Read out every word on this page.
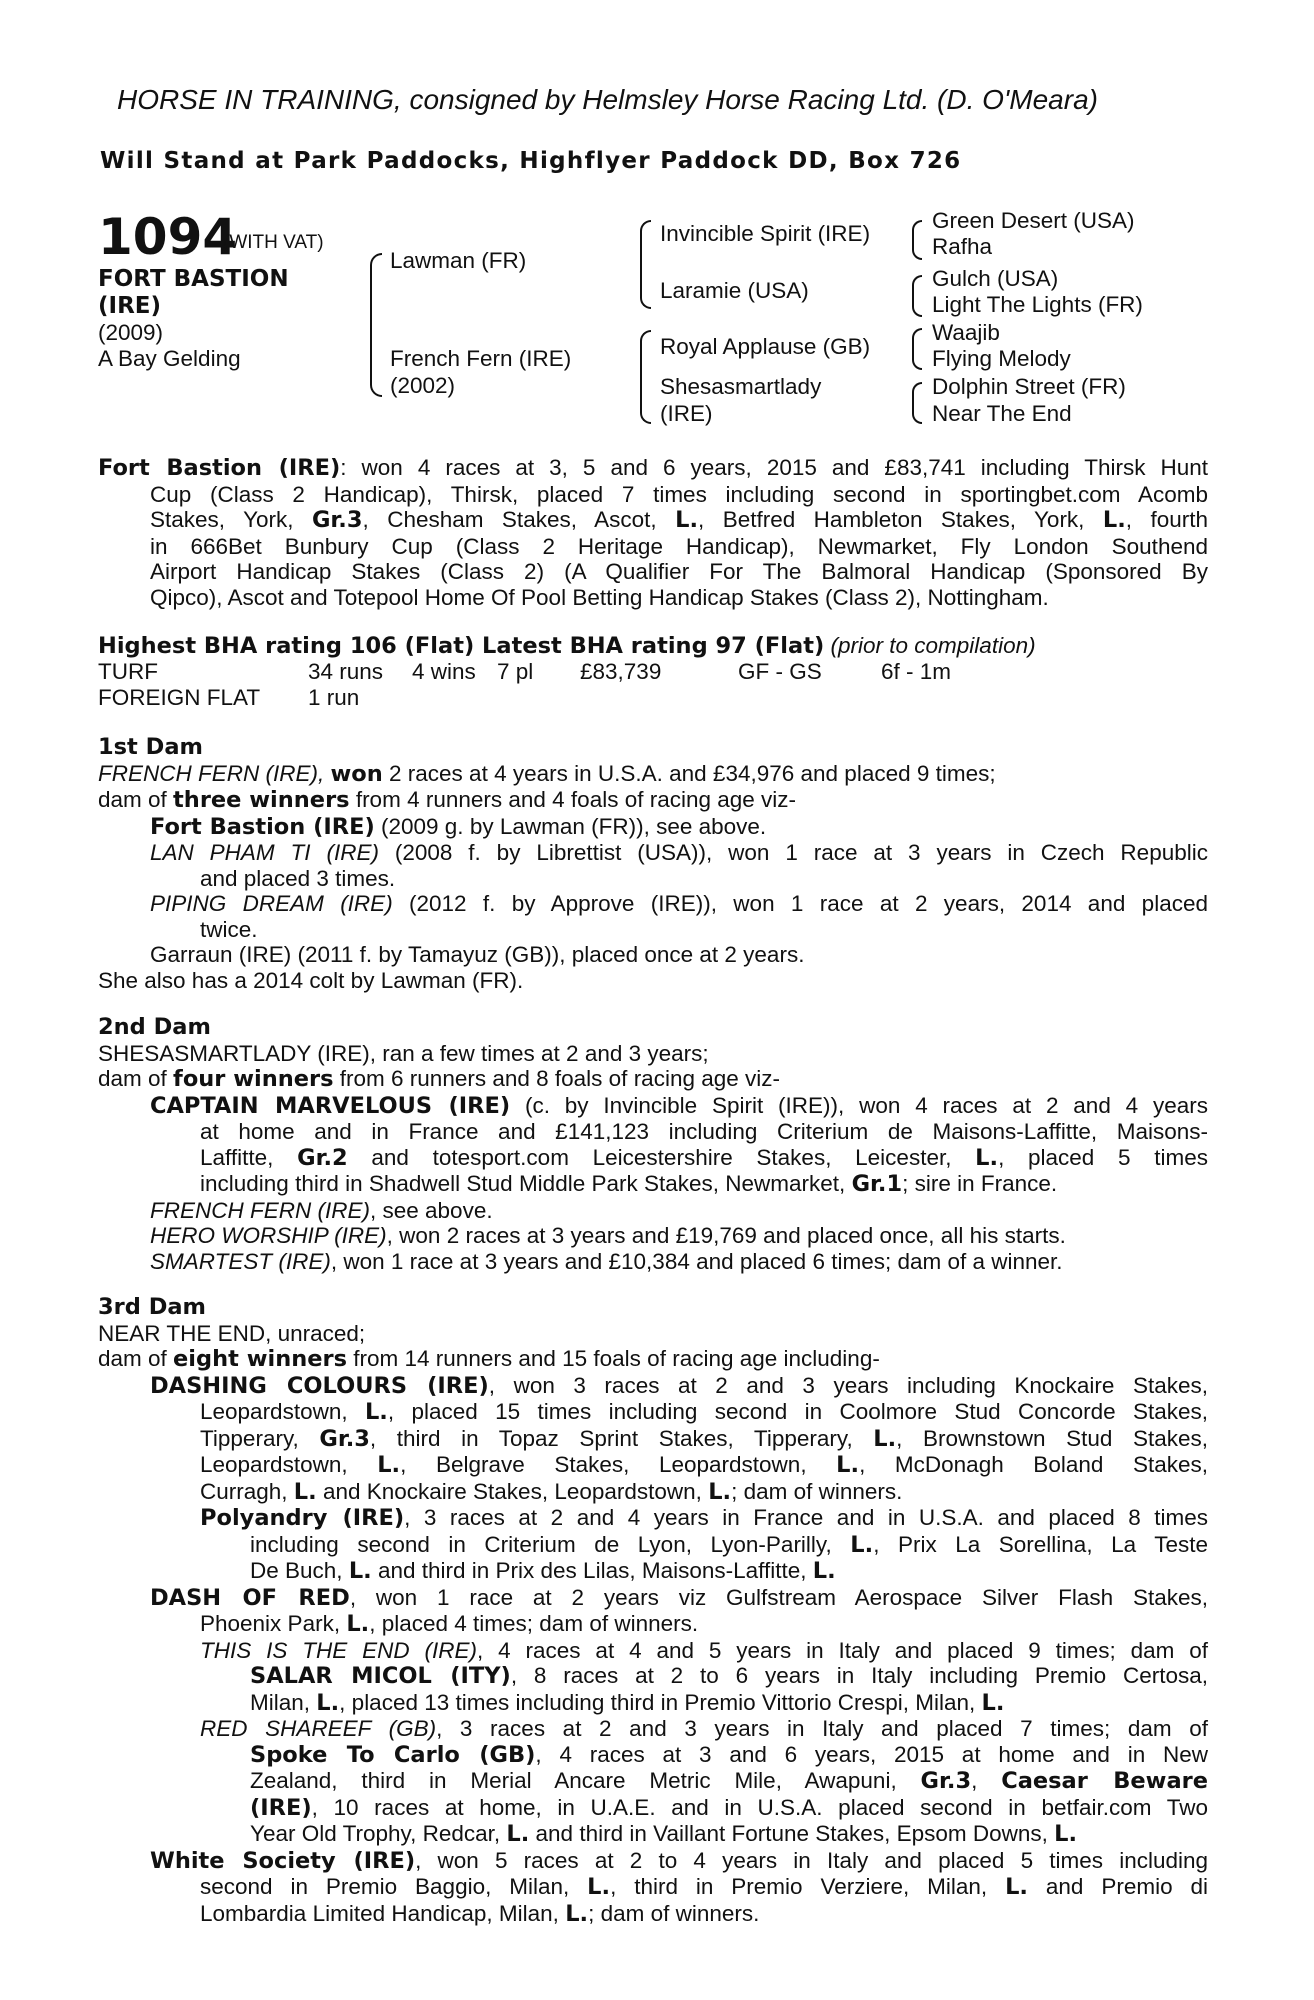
HORSE IN TRAINING, consigned by Helmsley Horse Racing Ltd. (D. O'Meara)
Will Stand at Park Paddocks, Highflyer Paddock DD, Box 726
1094
(WITH VAT)
FORT BASTION
(IRE)
(2009)
A Bay Gelding
Lawman (FR)
French Fern (IRE)
(2002)
Invincible Spirit (IRE)
Laramie (USA)
Royal Applause (GB)
Shesasmartlady
(IRE)
Green Desert (USA)
Rafha
Gulch (USA)
Light The Lights (FR)
Waajib
Flying Melody
Dolphin Street (FR)
Near The End
Fort Bastion (IRE): won 4 races at 3, 5 and 6 years, 2015 and £83,741 including Thirsk Hunt
Cup (Class 2 Handicap), Thirsk, placed 7 times including second in sportingbet.com Acomb
Stakes, York, Gr.3, Chesham Stakes, Ascot, L., Betfred Hambleton Stakes, York, L., fourth
in 666Bet Bunbury Cup (Class 2 Heritage Handicap), Newmarket, Fly London Southend
Airport Handicap Stakes (Class 2) (A Qualifier For The Balmoral Handicap (Sponsored By
Qipco), Ascot and Totepool Home Of Pool Betting Handicap Stakes (Class 2), Nottingham.
Highest BHA rating 106 (Flat) Latest BHA rating 97 (Flat) (prior to compilation)
TURF	34 runs 4 wins 7 pl £83,739	GF - GS	6f - 1m
FOREIGN FLAT 1 run
1st Dam
FRENCH FERN (IRE), won 2 races at 4 years in U.S.A. and £34,976 and placed 9 times;
dam of three winners from 4 runners and 4 foals of racing age viz-
Fort Bastion (IRE) (2009 g. by Lawman (FR)), see above.
LAN PHAM TI (IRE) (2008 f. by Librettist (USA)), won 1 race at 3 years in Czech Republic
and placed 3 times.
PIPING DREAM (IRE) (2012 f. by Approve (IRE)), won 1 race at 2 years, 2014 and placed
twice.
Garraun (IRE) (2011 f. by Tamayuz (GB)), placed once at 2 years.
She also has a 2014 colt by Lawman (FR).
2nd Dam
SHESASMARTLADY (IRE), ran a few times at 2 and 3 years;
dam of four winners from 6 runners and 8 foals of racing age viz-
CAPTAIN MARVELOUS (IRE) (c. by Invincible Spirit (IRE)), won 4 races at 2 and 4 years
at home and in France and £141,123 including Criterium de Maisons-Laffitte, Maisons-
Laffitte, Gr.2 and totesport.com Leicestershire Stakes, Leicester, L., placed 5 times
including third in Shadwell Stud Middle Park Stakes, Newmarket, Gr.1; sire in France.
FRENCH FERN (IRE), see above.
HERO WORSHIP (IRE), won 2 races at 3 years and £19,769 and placed once, all his starts.
SMARTEST (IRE), won 1 race at 3 years and £10,384 and placed 6 times; dam of a winner.
3rd Dam
NEAR THE END, unraced;
dam of eight winners from 14 runners and 15 foals of racing age including-
DASHING COLOURS (IRE), won 3 races at 2 and 3 years including Knockaire Stakes,
Leopardstown, L., placed 15 times including second in Coolmore Stud Concorde Stakes,
Tipperary, Gr.3, third in Topaz Sprint Stakes, Tipperary, L., Brownstown Stud Stakes,
Leopardstown, L., Belgrave Stakes, Leopardstown, L., McDonagh Boland Stakes,
Curragh, L. and Knockaire Stakes, Leopardstown, L.; dam of winners.
Polyandry (IRE), 3 races at 2 and 4 years in France and in U.S.A. and placed 8 times
including second in Criterium de Lyon, Lyon-Parilly, L., Prix La Sorellina, La Teste
De Buch, L. and third in Prix des Lilas, Maisons-Laffitte, L.
DASH OF RED, won 1 race at 2 years viz Gulfstream Aerospace Silver Flash Stakes,
Phoenix Park, L., placed 4 times; dam of winners.
THIS IS THE END (IRE), 4 races at 4 and 5 years in Italy and placed 9 times; dam of
SALAR MICOL (ITY), 8 races at 2 to 6 years in Italy including Premio Certosa,
Milan, L., placed 13 times including third in Premio Vittorio Crespi, Milan, L.
RED SHAREEF (GB), 3 races at 2 and 3 years in Italy and placed 7 times; dam of
Spoke To Carlo (GB), 4 races at 3 and 6 years, 2015 at home and in New
Zealand, third in Merial Ancare Metric Mile, Awapuni, Gr.3, Caesar Beware
(IRE), 10 races at home, in U.A.E. and in U.S.A. placed second in betfair.com Two
Year Old Trophy, Redcar, L. and third in Vaillant Fortune Stakes, Epsom Downs, L.
White Society (IRE), won 5 races at 2 to 4 years in Italy and placed 5 times including
second in Premio Baggio, Milan, L., third in Premio Verziere, Milan, L. and Premio di
Lombardia Limited Handicap, Milan, L.; dam of winners.
